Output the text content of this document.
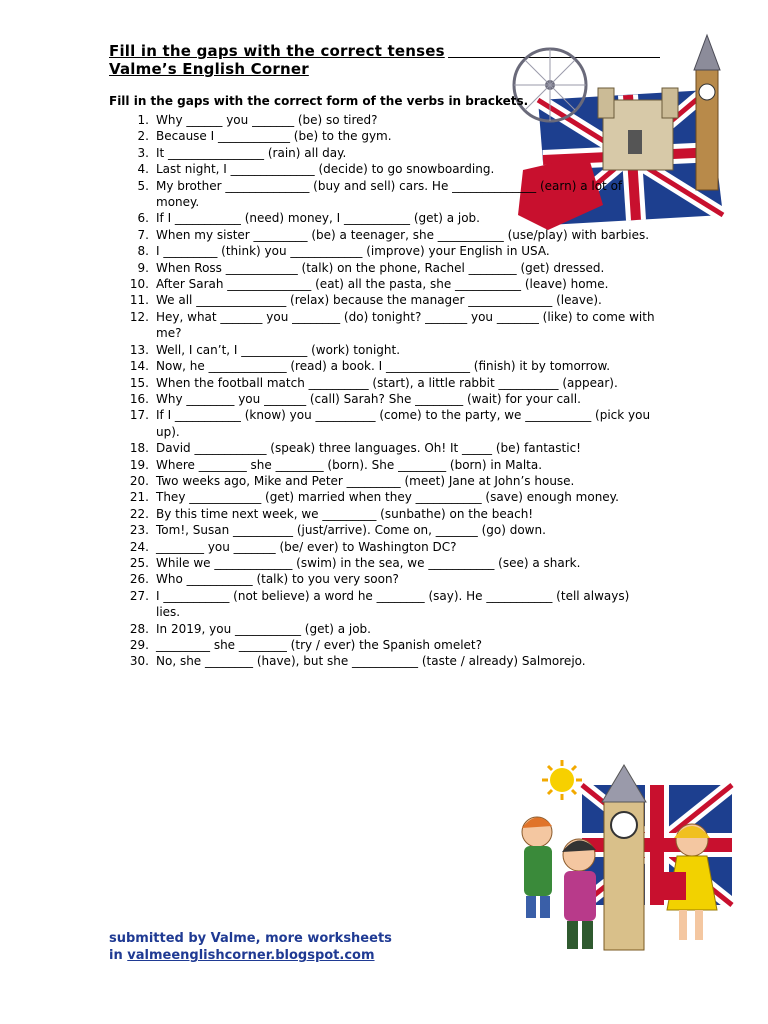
Fill in the gaps with the correct tenses
Valme’s English Corner
Fill in the gaps with the correct form of the verbs in brackets.
1. Why ______ you _______ (be) so tired?
2. Because I ____________ (be) to the gym.
3. It ________________ (rain) all day.
4. Last night, I ______________ (decide) to go snowboarding.
5. My brother ______________ (buy and sell) cars. He ______________ (earn) a lot of money.
6. If I ___________ (need) money, I ___________ (get) a job.
7. When my sister _________ (be) a teenager, she ___________ (use/play) with barbies.
8. I _________ (think) you ____________ (improve) your English in USA.
9. When Ross ____________ (talk) on the phone, Rachel ________ (get) dressed.
10. After Sarah ______________ (eat) all the pasta, she ___________ (leave) home.
11. We all _______________ (relax) because the manager ______________ (leave).
12. Hey, what _______ you ________ (do) tonight? _______ you _______ (like) to come with me?
13. Well, I can’t, I ___________ (work) tonight.
14. Now, he _____________ (read) a book. I ______________ (finish) it by tomorrow.
15. When the football match __________ (start), a little rabbit __________ (appear).
16. Why ________ you _______ (call) Sarah? She ________ (wait) for your call.
17. If I ___________ (know) you __________ (come) to the party, we ___________ (pick you up).
18. David ____________ (speak) three languages. Oh! It _____ (be) fantastic!
19. Where ________ she ________ (born). She ________ (born) in Malta.
20. Two weeks ago, Mike and Peter _________ (meet) Jane at John’s house.
21. They ____________ (get) married when they ___________ (save) enough money.
22. By this time next week, we _________ (sunbathe) on the beach!
23. Tom!, Susan __________ (just/arrive). Come on, _______ (go) down.
24. ________ you _______ (be/ ever) to Washington DC?
25. While we _____________ (swim) in the sea, we ___________ (see) a shark.
26. Who ___________ (talk) to you very soon?
27. I ___________ (not believe) a word he ________ (say). He ___________ (tell always) lies.
28. In 2019, you ___________ (get) a job.
29. _________ she ________ (try / ever) the Spanish omelet?
30. No, she ________ (have), but she ___________ (taste / already) Salmorejo.
submitted by Valme, more worksheets
in valmeenglishcorner.blogspot.com
